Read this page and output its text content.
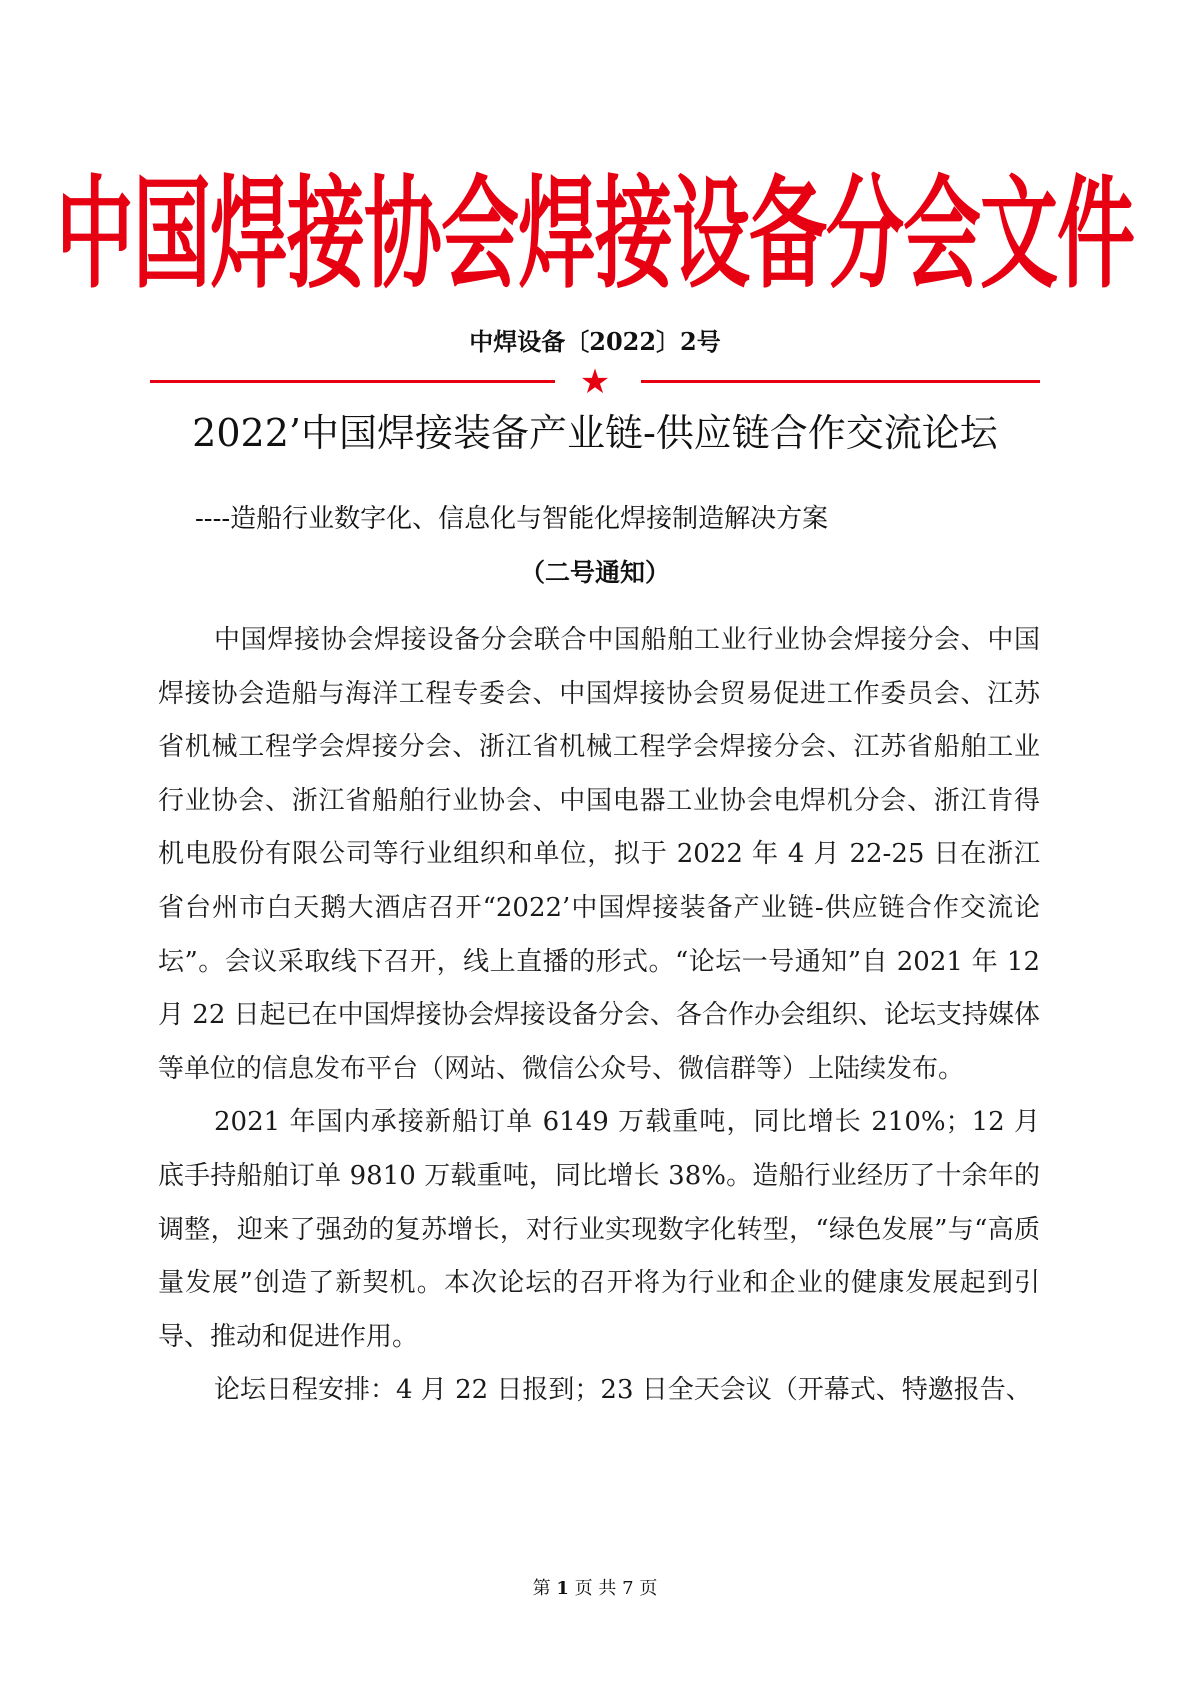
中国焊接协会焊接设备分会文件
中焊设备〔2022〕2号
★
2022’中国焊接装备产业链-供应链合作交流论坛
----造船行业数字化、信息化与智能化焊接制造解决方案
（二号通知）

中国焊接协会焊接设备分会联合中国船舶工业行业协会焊接分会、中国焊接协会造船与海洋工程专委会、中国焊接协会贸易促进工作委员会、江苏省机械工程学会焊接分会、浙江省机械工程学会焊接分会、江苏省船舶工业行业协会、浙江省船舶行业协会、中国电器工业协会电焊机分会、浙江肯得机电股份有限公司等行业组织和单位，拟于 2022 年 4 月 22-25 日在浙江省台州市白天鹅大酒店召开“2022’中国焊接装备产业链-供应链合作交流论坛”。会议采取线下召开，线上直播的形式。“论坛一号通知”自 2021 年 12 月 22 日起已在中国焊接协会焊接设备分会、各合作办会组织、论坛支持媒体等单位的信息发布平台（网站、微信公众号、微信群等）上陆续发布。

2021 年国内承接新船订单 6149 万载重吨，同比增长 210%；12 月底手持船舶订单 9810 万载重吨，同比增长 38%。造船行业经历了十余年的调整，迎来了强劲的复苏增长，对行业实现数字化转型，“绿色发展”与“高质量发展”创造了新契机。本次论坛的召开将为行业和企业的健康发展起到引导、推动和促进作用。

论坛日程安排：4 月 22 日报到；23 日全天会议（开幕式、特邀报告、

第 1 页 共 7 页
